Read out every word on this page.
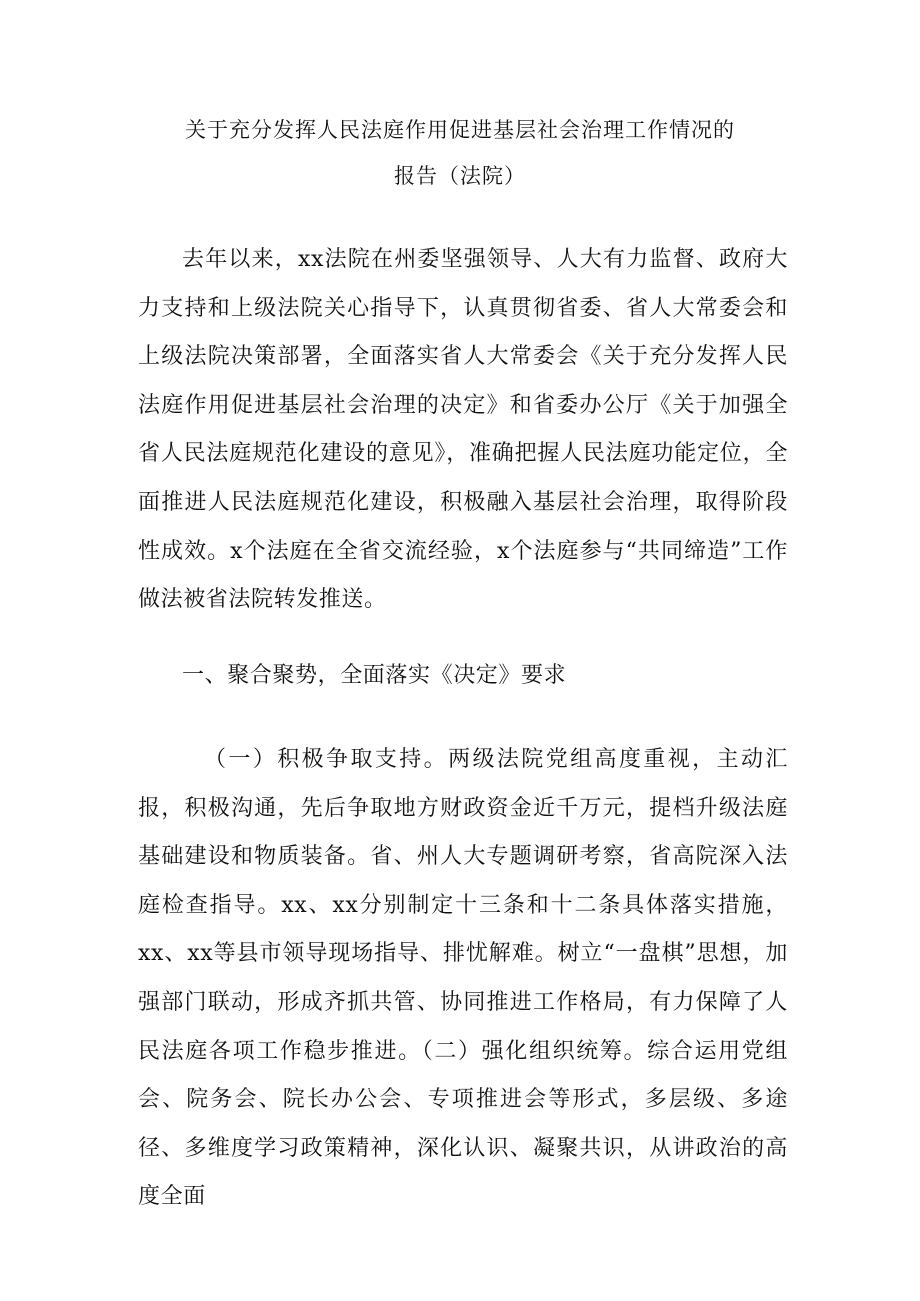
关于充分发挥人民法庭作用促进基层社会治理工作情况的
报告（法院）

去年以来，xx法院在州委坚强领导、人大有力监督、政府大力支持和上级法院关心指导下，认真贯彻省委、省人大常委会和上级法院决策部署，全面落实省人大常委会《关于充分发挥人民法庭作用促进基层社会治理的决定》和省委办公厅《关于加强全省人民法庭规范化建设的意见》，准确把握人民法庭功能定位，全面推进人民法庭规范化建设，积极融入基层社会治理，取得阶段性成效。x个法庭在全省交流经验，x个法庭参与“共同缔造”工作做法被省法院转发推送。

一、聚合聚势，全面落实《决定》要求

（一）积极争取支持。两级法院党组高度重视，主动汇报，积极沟通，先后争取地方财政资金近千万元，提档升级法庭基础建设和物质装备。省、州人大专题调研考察，省高院深入法庭检查指导。xx、xx分别制定十三条和十二条具体落实措施，xx、xx等县市领导现场指导、排忧解难。树立“一盘棋”思想，加强部门联动，形成齐抓共管、协同推进工作格局，有力保障了人民法庭各项工作稳步推进。（二）强化组织统筹。综合运用党组会、院务会、院长办公会、专项推进会等形式，多层级、多途径、多维度学习政策精神，深化认识、凝聚共识，从讲政治的高度全面
